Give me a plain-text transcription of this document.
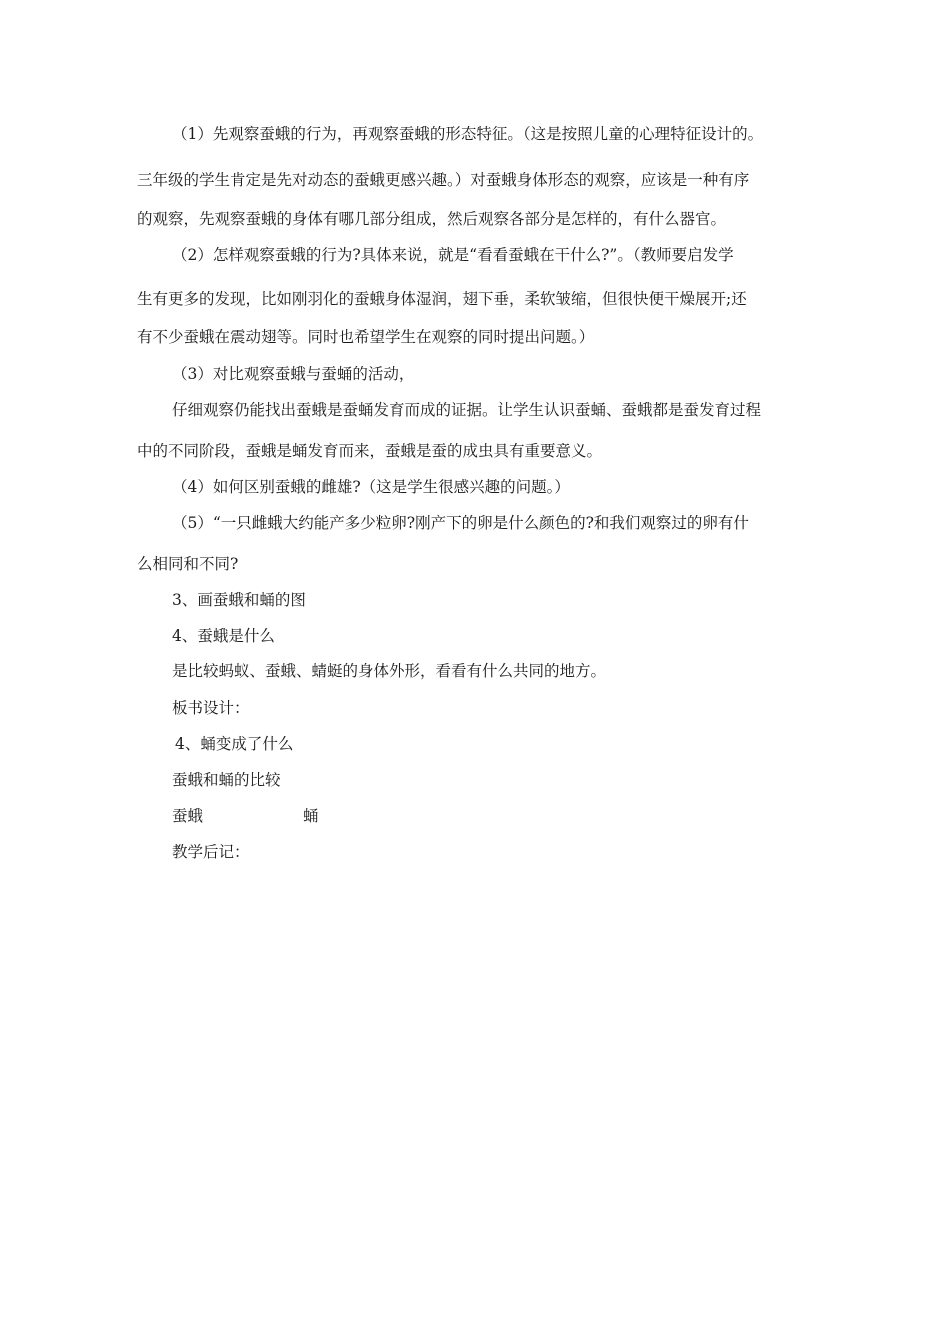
（1）先观察蚕蛾的行为，再观察蚕蛾的形态特征。（这是按照儿童的心理特征设计的。
三年级的学生肯定是先对动态的蚕蛾更感兴趣。）对蚕蛾身体形态的观察，应该是一种有序
的观察，先观察蚕蛾的身体有哪几部分组成，然后观察各部分是怎样的，有什么器官。
（2）怎样观察蚕蛾的行为?具体来说，就是“看看蚕蛾在干什么?”。（教师要启发学
生有更多的发现，比如刚羽化的蚕蛾身体湿润，翅下垂，柔软皱缩，但很快便干燥展开;还
有不少蚕蛾在震动翅等。同时也希望学生在观察的同时提出问题。）
（3）对比观察蚕蛾与蚕蛹的活动，
仔细观察仍能找出蚕蛾是蚕蛹发育而成的证据。让学生认识蚕蛹、蚕蛾都是蚕发育过程
中的不同阶段，蚕蛾是蛹发育而来，蚕蛾是蚕的成虫具有重要意义。
（4）如何区别蚕蛾的雌雄?（这是学生很感兴趣的问题。）
（5）“一只雌蛾大约能产多少粒卵?刚产下的卵是什么颜色的?和我们观察过的卵有什
么相同和不同?
3、画蚕蛾和蛹的图
4、蚕蛾是什么
是比较蚂蚁、蚕蛾、蜻蜓的身体外形，看看有什么共同的地方。
板书设计：
4、蛹变成了什么
蚕蛾和蛹的比较
蚕蛾	蛹
教学后记：
